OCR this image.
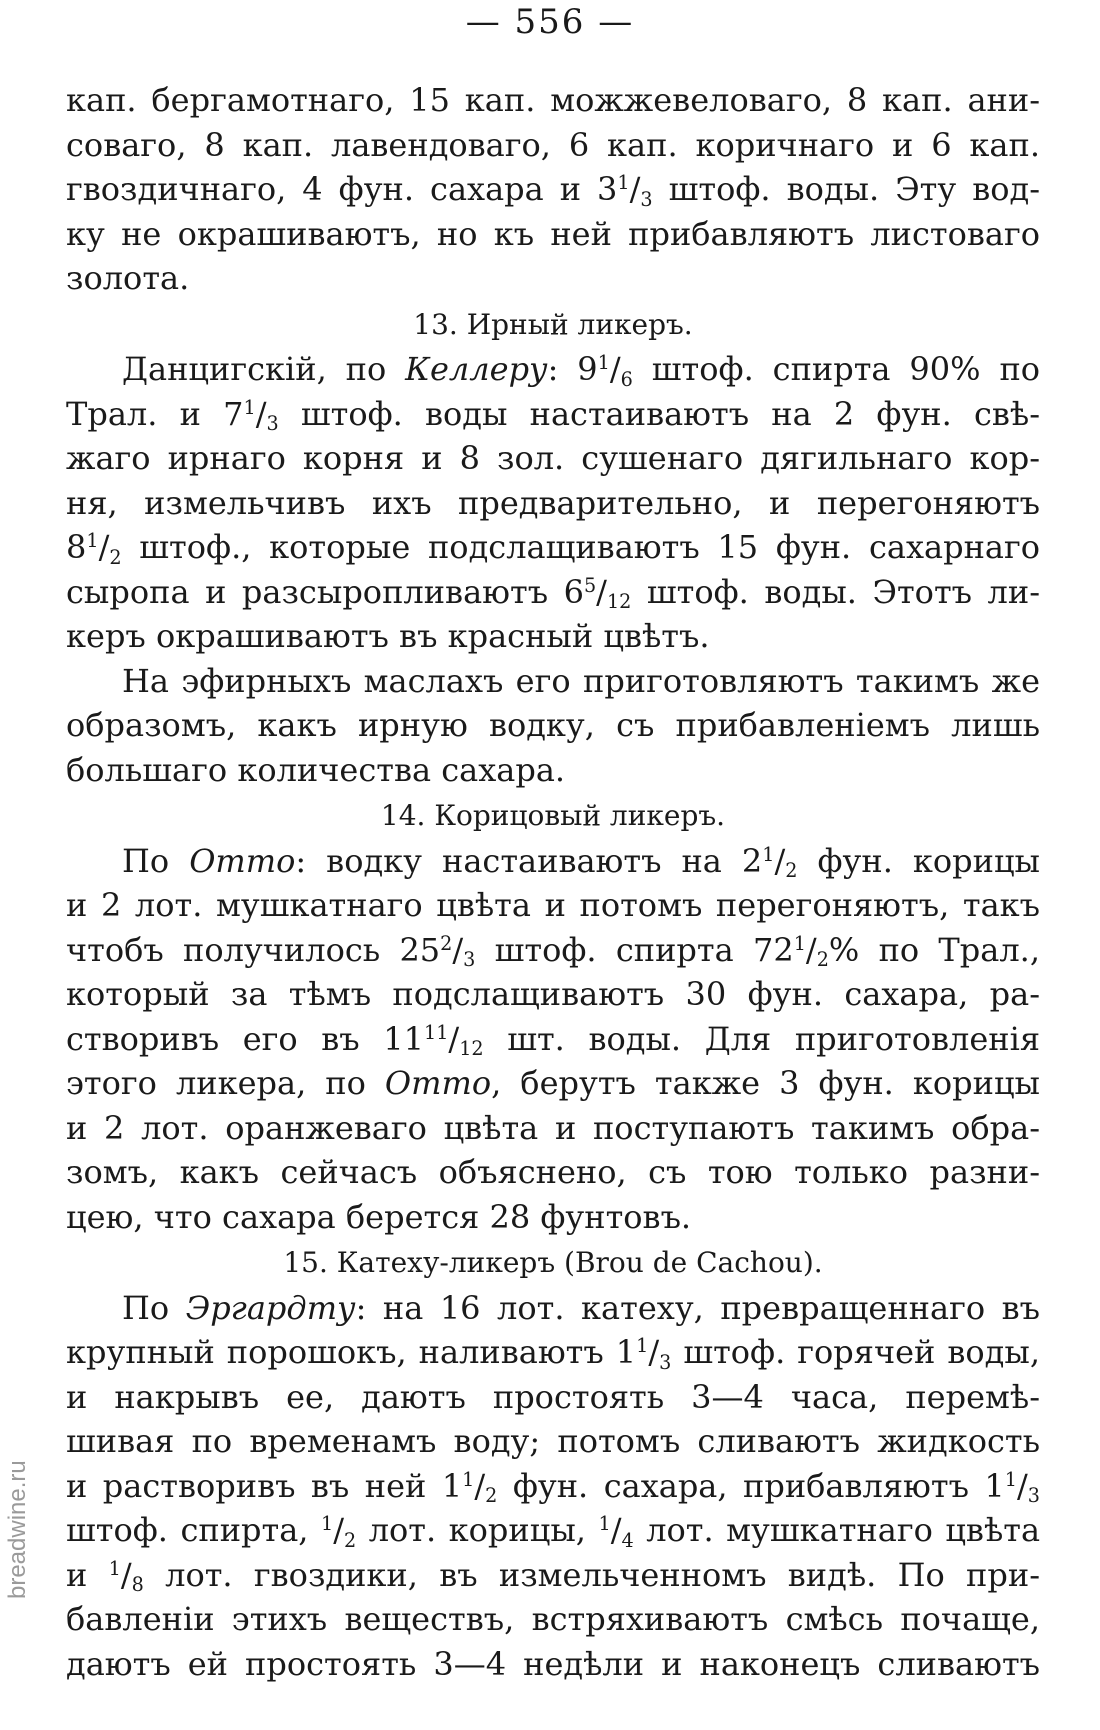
— 556 —
кап. бергамотнаго, 15 кап. можжевеловаго, 8 кап. ани-
соваго, 8 кап. лавендоваго, 6 кап. коричнаго и 6 кап.
гвоздичнаго, 4 фун. сахара и $3^1/_3$ штоф. воды. Эту вод-
ку не окрашиваютъ, но къ ней прибавляютъ листоваго
золота.
13. Ирный ликеръ.
Данцигскій, по Келлеру: $9^1/_6$ штоф. спирта 90% по
Трал. и $7^1/_3$ штоф. воды настаиваютъ на 2 фун. свѣ-
жаго ирнаго корня и 8 зол. сушенаго дягильнаго кор-
ня, измельчивъ ихъ предварительно, и перегоняютъ
$8^1/_2$ штоф., которые подслащиваютъ 15 фун. сахарнаго
сыропа и разсыропливаютъ $6^5/_{12}$ штоф. воды. Этотъ ли-
керъ окрашиваютъ въ красный цвѣтъ.
На эфирныхъ маслахъ его приготовляютъ такимъ же
образомъ, какъ ирную водку, съ прибавленіемъ лишь
большаго количества сахара.
14. Корицовый ликеръ.
По Отто: водку настаиваютъ на $2^1/_2$ фун. корицы
и 2 лот. мушкатнаго цвѣта и потомъ перегоняютъ, такъ
чтобъ получилось $25^2/_3$ штоф. спирта $72^1/_2\%$ по Трал.,
который за тѣмъ подслащиваютъ 30 фун. сахара, ра-
створивъ его въ $11^{11}/_{12}$ шт. воды. Для приготовленія
этого ликера, по Отто, берутъ также 3 фун. корицы
и 2 лот. оранжеваго цвѣта и поступаютъ такимъ обра-
зомъ, какъ сейчасъ объяснено, съ тою только разни-
цею, что сахара берется 28 фунтовъ.
15. Катеху-ликеръ (Brou de Cachou).
По Эргардту: на 16 лот. катеху, превращеннаго въ
крупный порошокъ, наливаютъ $1^1/_3$ штоф. горячей воды,
и накрывъ ее, даютъ простоять 3—4 часа, перемѣ-
шивая по временамъ воду; потомъ сливаютъ жидкость
и растворивъ въ ней $1^1/_2$ фун. сахара, прибавляютъ $1^1/_3$
штоф. спирта, $^1/_2$ лот. корицы, $^1/_4$ лот. мушкатнаго цвѣта
и $^1/_8$ лот. гвоздики, въ измельченномъ видѣ. По при-
бавленіи этихъ веществъ, встряхиваютъ смѣсь почаще,
даютъ ей простоять 3—4 недѣли и наконецъ сливаютъ
breadwine.ru
